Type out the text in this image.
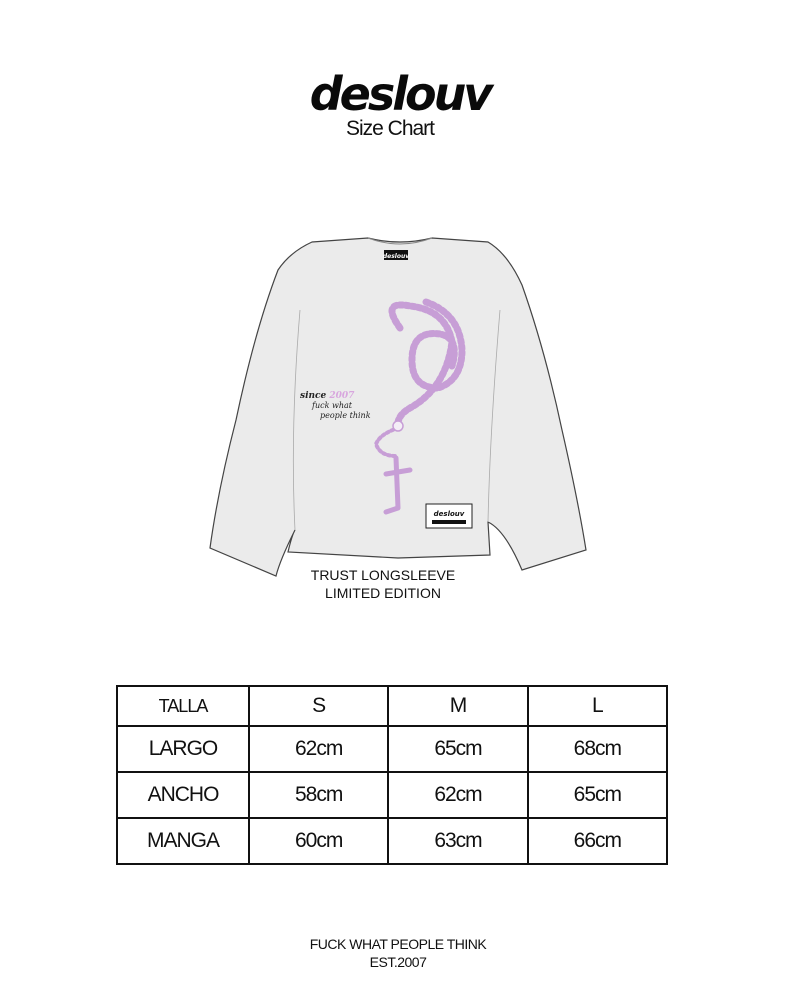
deslouv
Size Chart
deslouv
since 2007
fuck what
people think
deslouv
TRUST LONGSLEEVE
LIMITED EDITION
TALLA	S	M	L
LARGO	62cm	65cm	68cm
ANCHO	58cm	62cm	65cm
MANGA	60cm	63cm	66cm
FUCK WHAT PEOPLE THINK
EST.2007
